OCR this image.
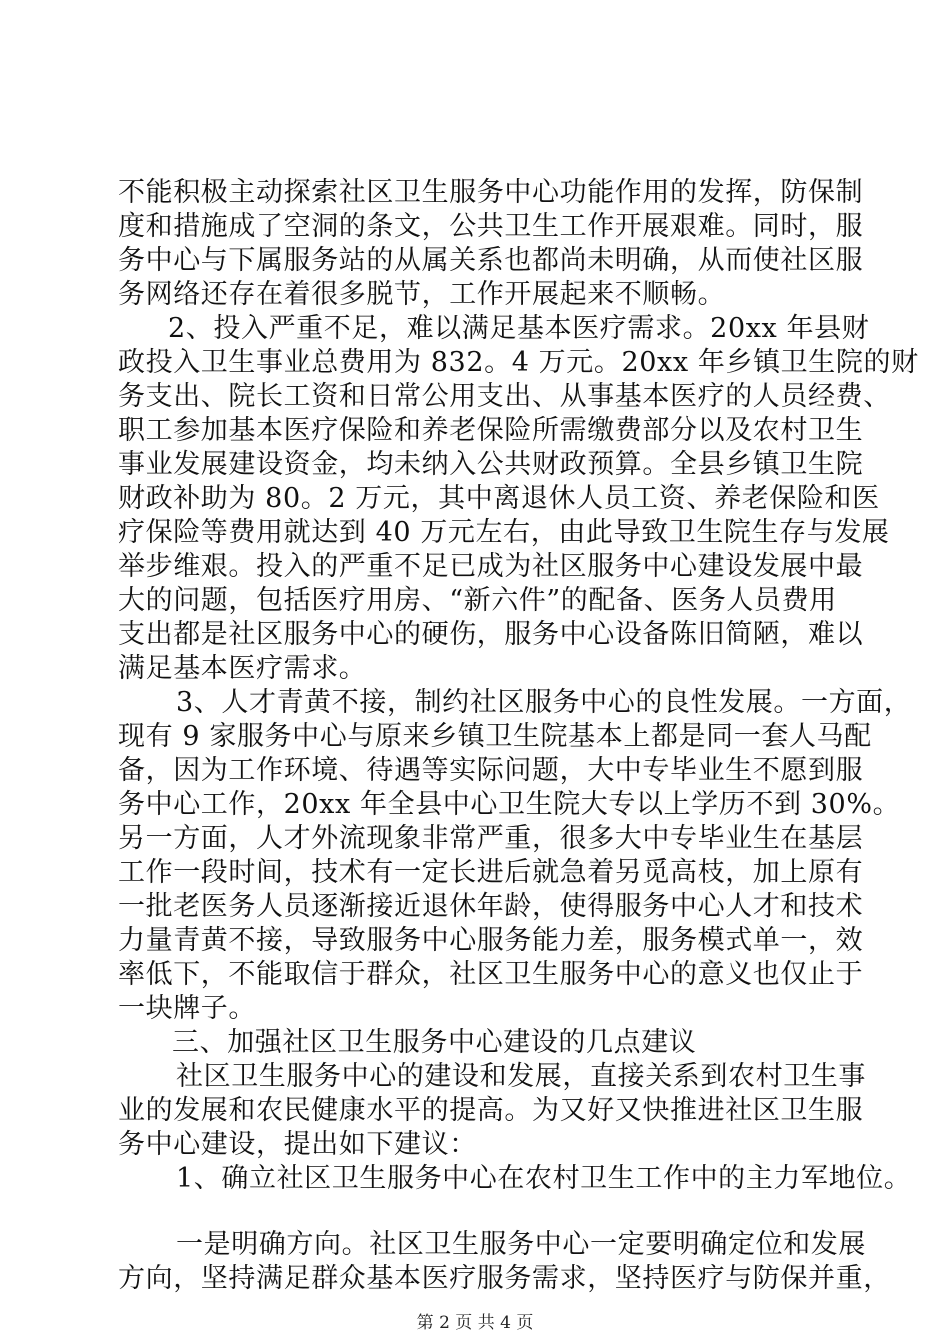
不能积极主动探索社区卫生服务中心功能作用的发挥，防保制
度和措施成了空洞的条文，公共卫生工作开展艰难。同时，服
务中心与下属服务站的从属关系也都尚未明确，从而使社区服
务网络还存在着很多脱节，工作开展起来不顺畅。
2、投入严重不足，难以满足基本医疗需求。20xx 年县财
政投入卫生事业总费用为 832。4 万元。20xx 年乡镇卫生院的财
务支出、院长工资和日常公用支出、从事基本医疗的人员经费、
职工参加基本医疗保险和养老保险所需缴费部分以及农村卫生
事业发展建设资金，均未纳入公共财政预算。全县乡镇卫生院
财政补助为 80。2 万元，其中离退休人员工资、养老保险和医
疗保险等费用就达到 40 万元左右，由此导致卫生院生存与发展
举步维艰。投入的严重不足已成为社区服务中心建设发展中最
大的问题，包括医疗用房、“新六件”的配备、医务人员费用
支出都是社区服务中心的硬伤，服务中心设备陈旧简陋，难以
满足基本医疗需求。
3、人才青黄不接，制约社区服务中心的良性发展。一方面，
现有 9 家服务中心与原来乡镇卫生院基本上都是同一套人马配
备，因为工作环境、待遇等实际问题，大中专毕业生不愿到服
务中心工作，20xx 年全县中心卫生院大专以上学历不到 30%。
另一方面，人才外流现象非常严重，很多大中专毕业生在基层
工作一段时间，技术有一定长进后就急着另觅高枝，加上原有
一批老医务人员逐渐接近退休年龄，使得服务中心人才和技术
力量青黄不接，导致服务中心服务能力差，服务模式单一，效
率低下，不能取信于群众，社区卫生服务中心的意义也仅止于
一块牌子。
三、加强社区卫生服务中心建设的几点建议
社区卫生服务中心的建设和发展，直接关系到农村卫生事
业的发展和农民健康水平的提高。为又好又快推进社区卫生服
务中心建设，提出如下建议：
1、确立社区卫生服务中心在农村卫生工作中的主力军地位。
一是明确方向。社区卫生服务中心一定要明确定位和发展
方向，坚持满足群众基本医疗服务需求，坚持医疗与防保并重，
第 2 页 共 4 页
